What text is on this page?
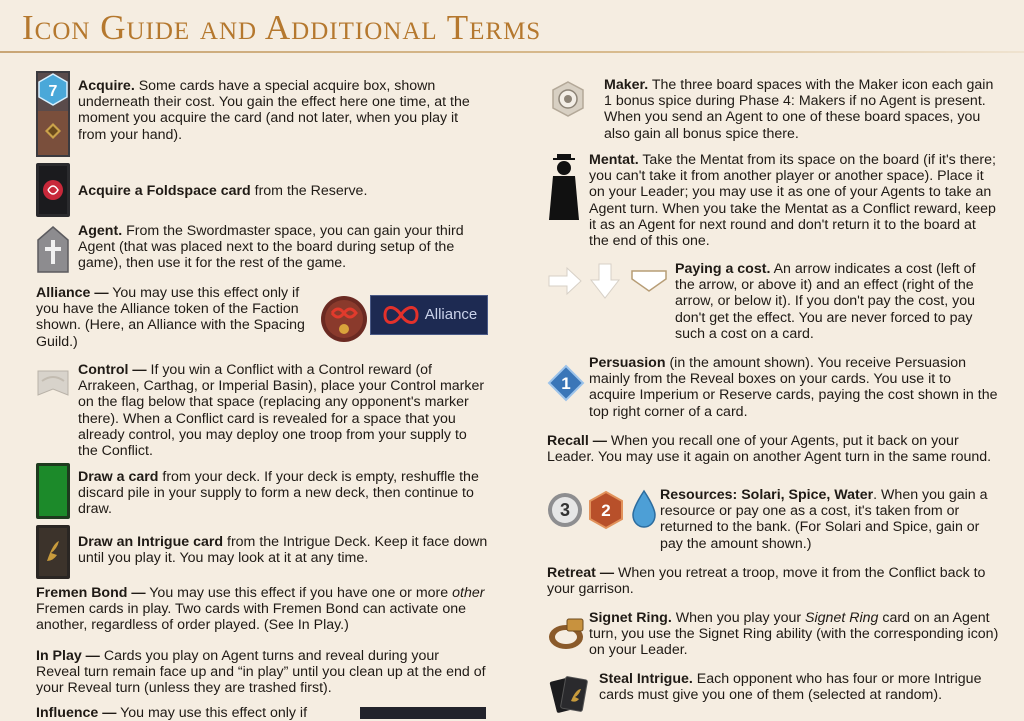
Icon Guide and Additional Terms
7 Acquire. Some cards have a special acquire box, shown underneath their cost. You gain the effect here one time, at the moment you acquire the card (and not later, when you play it from your hand).

Acquire a Foldspace card from the Reserve.

Agent. From the Swordmaster space, you can gain your third Agent (that was placed next to the board during setup of the game), then use it for the rest of the game.

Alliance — You may use this effect only if you have the Alliance token of the Faction shown. (Here, an Alliance with the Spacing Guild.)

Alliance

Control — If you win a Conflict with a Control reward (of Arrakeen, Carthag, or Imperial Basin), place your Control marker on the flag below that space (replacing any opponent's marker there). When a Conflict card is revealed for a space that you already control, you may deploy one troop from your supply to the Conflict.

Draw a card from your deck. If your deck is empty, reshuffle the discard pile in your supply to form a new deck, then continue to draw.

Draw an Intrigue card from the Intrigue Deck. Keep it face down until you play it. You may look at it at any time.

Fremen Bond — You may use this effect if you have one or more other Fremen cards in play. Two cards with Fremen Bond can activate one another, regardless of order played. (See In Play.)

In Play — Cards you play on Agent turns and reveal during your Reveal turn remain face up and “in play” until you clean up at the end of your Reveal turn (unless they are trashed first).

Influence — You may use this effect only if

Maker. The three board spaces with the Maker icon each gain 1 bonus spice during Phase 4: Makers if no Agent is present. When you send an Agent to one of these board spaces, you also gain all bonus spice there.

Mentat. Take the Mentat from its space on the board (if it's there; you can't take it from another player or another space). Place it on your Leader; you may use it as one of your Agents to take an Agent turn. When you take the Mentat as a Conflict reward, keep it as an Agent for next round and don't return it to the board at the end of this one.

Paying a cost. An arrow indicates a cost (left of the arrow, or above it) and an effect (right of the arrow, or below it). If you don't pay the cost, you don't get the effect. You are never forced to pay such a cost on a card.

1

Persuasion (in the amount shown). You receive Persuasion mainly from the Reveal boxes on your cards. You use it to acquire Imperium or Reserve cards, paying the cost shown in the top right corner of a card.

Recall — When you recall one of your Agents, put it back on your Leader. You may use it again on another Agent turn in the same round.

3 2

Resources: Solari, Spice, Water. When you gain a resource or pay one as a cost, it's taken from or returned to the bank. (For Solari and Spice, gain or pay the amount shown.)

Retreat — When you retreat a troop, move it from the Conflict back to your garrison.

Signet Ring. When you play your Signet Ring card on an Agent turn, you use the Signet Ring ability (with the corresponding icon) on your Leader.

Steal Intrigue. Each opponent who has four or more Intrigue cards must give you one of them (selected at random).
